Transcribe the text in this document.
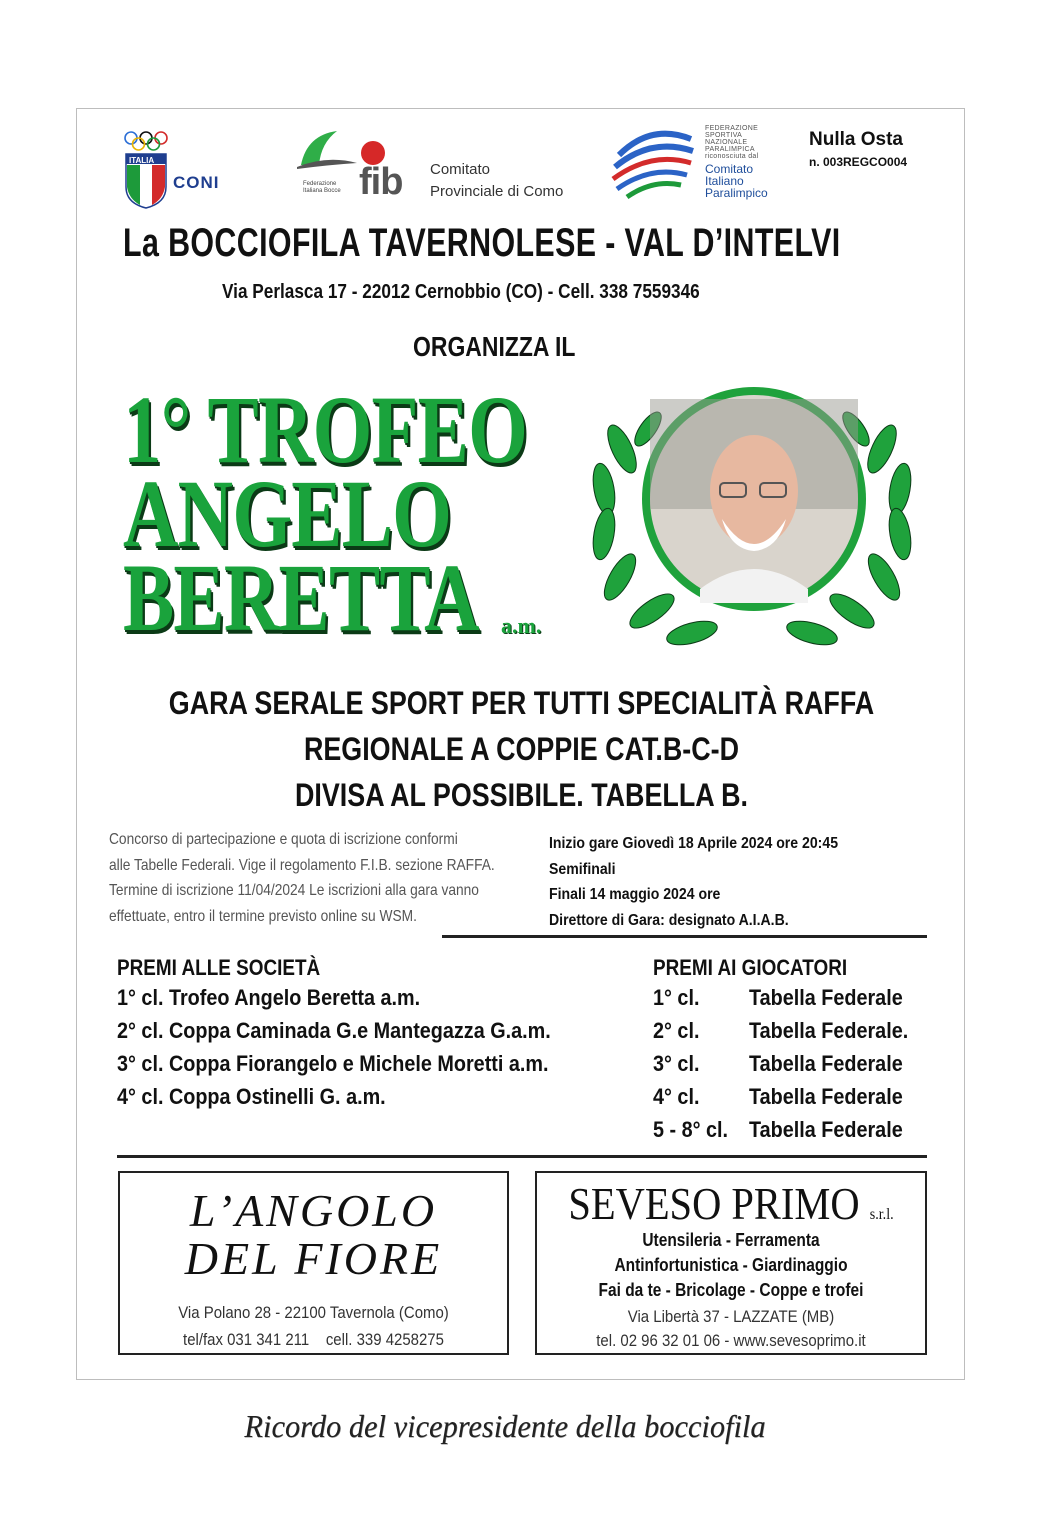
ITALIA
CONI	Federazione
Italiana Bocce fib Comitato
Provinciale di Como
FEDERAZIONE
SPORTIVA
NAZIONALE
PARALIMPICA
riconosciuta dal
Comitato
Italiano
Paralimpico
Nulla Osta
n. 003REGCO004
La BOCCIOFILA TAVERNOLESE - VAL D’INTELVI
Via Perlasca 17 - 22012 Cernobbio (CO) - Cell. 338 7559346
ORGANIZZA IL
1° TROFEO
ANGELO
BERETTA a.m.
GARA SERALE SPORT PER TUTTI SPECIALITÀ RAFFA
REGIONALE A COPPIE CAT.B-C-D
DIVISA AL POSSIBILE. TABELLA B.
Concorso di partecipazione e quota di iscrizione conformi
alle Tabelle Federali. Vige il regolamento F.I.B. sezione RAFFA.
Termine di iscrizione 11/04/2024 Le iscrizioni alla gara vanno
effettuate, entro il termine previsto online su WSM.
Inizio gare Giovedì 18 Aprile 2024 ore 20:45
Semifinali
Finali 14 maggio 2024 ore
Direttore di Gara: designato A.I.A.B.
PREMI ALLE SOCIETÀ
1° cl. Trofeo Angelo Beretta a.m.
2° cl. Coppa Caminada G.e Mantegazza G.a.m.
3° cl. Coppa Fiorangelo e Michele Moretti a.m.
4° cl. Coppa Ostinelli G. a.m.
PREMI AI GIOCATORI
1° cl.
2° cl.
3° cl.
4° cl.
5 - 8° cl.
Tabella Federale
Tabella Federale.
Tabella Federale
Tabella Federale
Tabella Federale
L’ANGOLO
DEL FIORE
Via Polano 28 - 22100 Tavernola (Como)
tel/fax 031 341 211    cell. 339 4258275
SEVESO PRIMO s.r.l.
Utensileria - Ferramenta
Antinfortunistica - Giardinaggio
Fai da te - Bricolage - Coppe e trofei
Via Libertà 37 - LAZZATE (MB)
tel. 02 96 32 01 06 - www.sevesoprimo.it
Ricordo del vicepresidente della bocciofila
